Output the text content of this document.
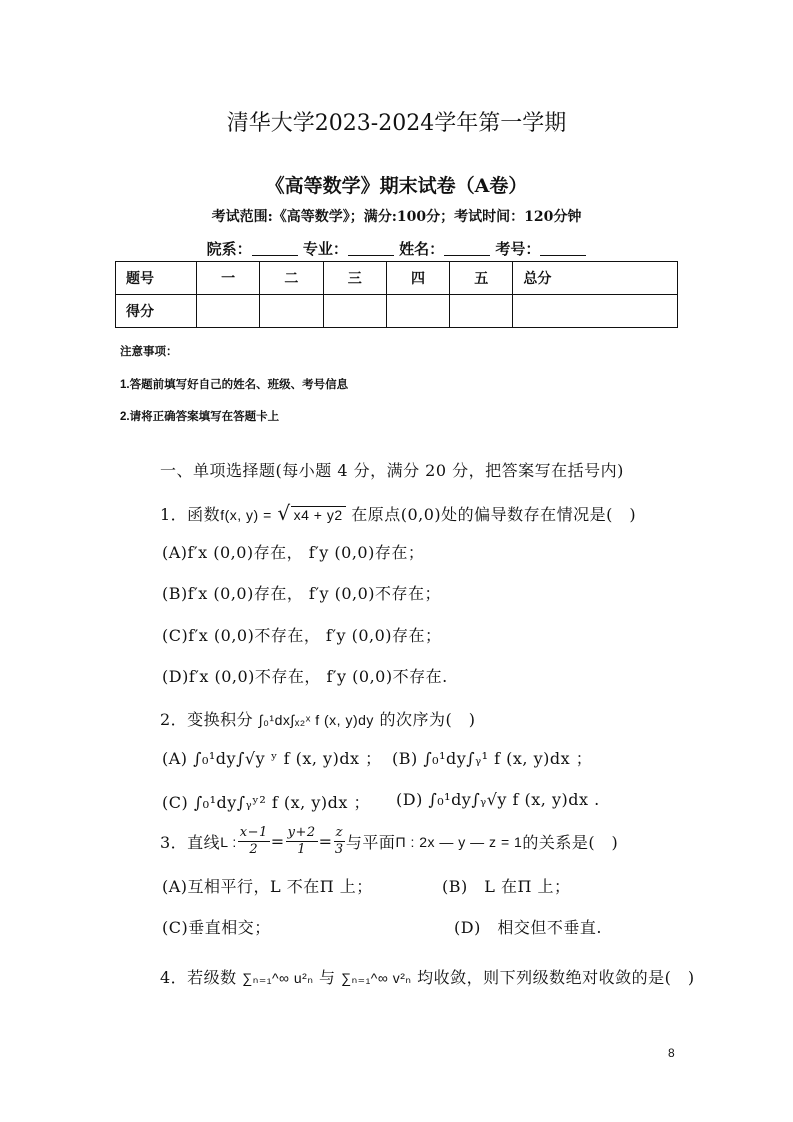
清华大学2023-2024学年第一学期
《高等数学》期末试卷（A卷）
考试范围:《高等数学》；满分:100分；考试时间：120分钟
院系：	专业：	姓名：	考号：
题号	一	二	三	四	五	总分
得分						
注意事项：
1.答题前填写好自己的姓名、班级、考号信息
2.请将正确答案填写在答题卡上
一、单项选择题(每小题 4 分，满分 20 分，把答案写在括号内)
1．函数f(x, y) = √ x4 + y2 在原点(0,0)处的偏导数存在情况是(　)
(A)f′x (0,0)存在， f′y (0,0)存在；
(B)f′x (0,0)存在， f′y (0,0)不存在；
(C)f′x (0,0)不存在， f′y (0,0)存在；
(D)f′x (0,0)不存在， f′y (0,0)不存在.
2．变换积分 ∫₀¹dx∫ₓ₂ˣ f (x, y)dy 的次序为(　)
(A) ∫₀¹dy∫√y ʸ f (x, y)dx ； (B) ∫₀¹dy∫ᵧ¹ f (x, y)dx ；
(C) ∫₀¹dy∫ᵧʸ² f (x, y)dx ； (D) ∫₀¹dy∫ᵧ√y f (x, y)dx .
3．直线 L : $\frac{x-1}{2} = \frac{y+2}{1} = \frac{z}{3}$ 与平面 Π : 2x — y — z = 1 的关系是(　)
(A)互相平行，L 不在Π 上；	(B)　L 在Π 上；
(C)垂直相交；	(D)　相交但不垂直.
4．若级数 ∑ₙ₌₁^∞ u²ₙ 与 ∑ₙ₌₁^∞ v²ₙ 均收敛，则下列级数绝对收敛的是(　)
8
